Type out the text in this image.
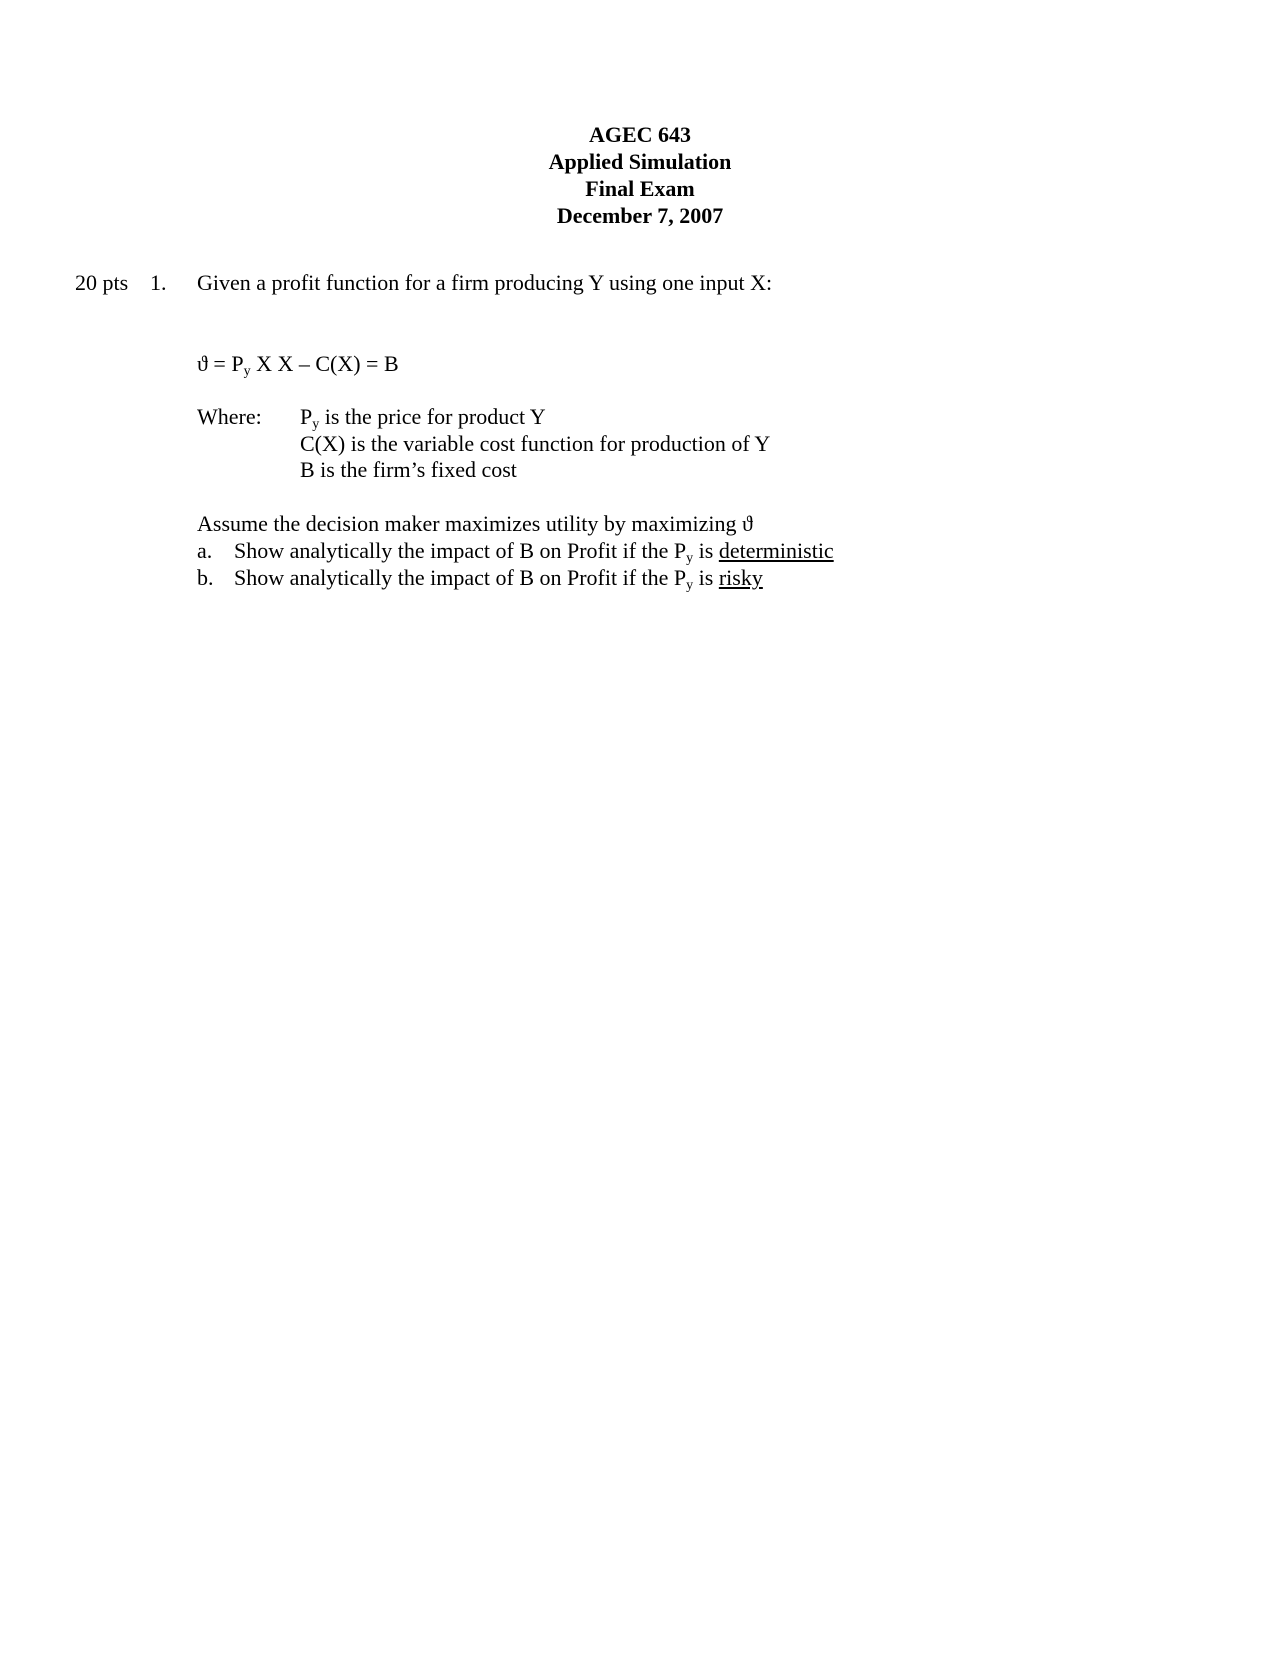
AGEC 643
Applied Simulation
Final Exam
December 7, 2007
20 pts 1. Given a profit function for a firm producing Y using one input X:
$ϑ = P_y$ X X – C(X) = B
Where: $P_y$ is the price for product Y
C(X) is the variable cost function for production of Y
B is the firm’s fixed cost
Assume the decision maker maximizes utility by maximizing ϑ
a. Show analytically the impact of B on Profit if the $P_y$ is deterministic
b. Show analytically the impact of B on Profit if the $P_y$ is risky
